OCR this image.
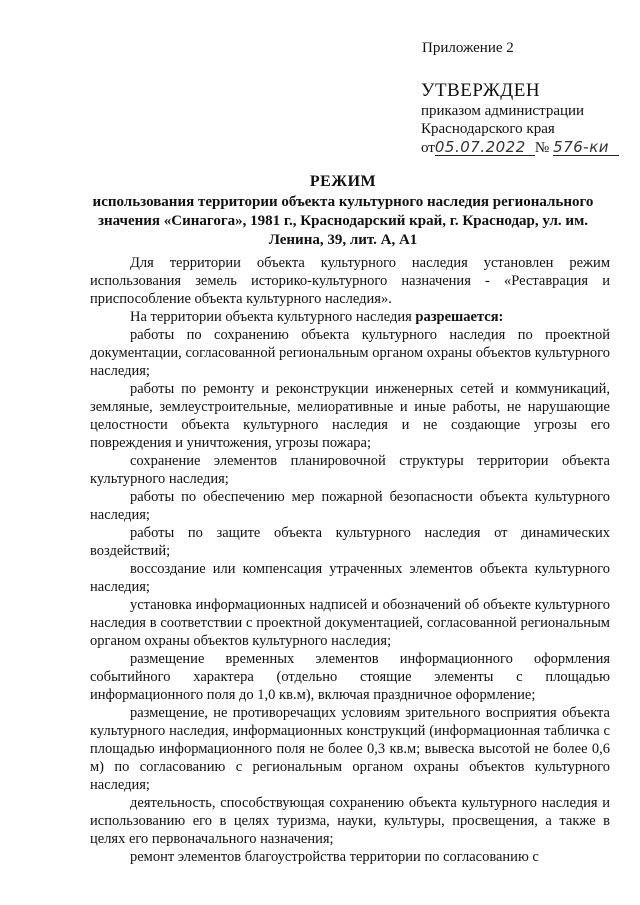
Приложение 2
УТВЕРЖДЕН
приказом администрации
Краснодарского края
от05.07.2022 № 576-ки
РЕЖИМ

использования территории объекта культурного наследия регионального значения «Синагога», 1981 г., Краснодарский край, г. Краснодар, ул. им. Ленина, 39, лит. А, А1

Для территории объекта культурного наследия установлен режим использования земель историко-культурного назначения - «Реставрация и приспособление объекта культурного наследия».

На территории объекта культурного наследия разрешается:

работы по сохранению объекта культурного наследия по проектной документации, согласованной региональным органом охраны объектов культурного наследия;
работы по ремонту и реконструкции инженерных сетей и коммуникаций, земляные, землеустроительные, мелиоративные и иные работы, не нарушающие целостности объекта культурного наследия и не создающие угрозы его повреждения и уничтожения, угрозы пожара;
сохранение элементов планировочной структуры территории объекта культурного наследия;
работы по обеспечению мер пожарной безопасности объекта культурного наследия;
работы по защите объекта культурного наследия от динамических воздействий;
воссоздание или компенсация утраченных элементов объекта культурного наследия;
установка информационных надписей и обозначений об объекте культурного наследия в соответствии с проектной документацией, согласованной региональным органом охраны объектов культурного наследия;
размещение временных элементов информационного оформления событийного характера (отдельно стоящие элементы с площадью информационного поля до 1,0 кв.м), включая праздничное оформление;
размещение, не противоречащих условиям зрительного восприятия объекта культурного наследия, информационных конструкций (информационная табличка с площадью информационного поля не более 0,3 кв.м; вывеска высотой не более 0,6 м) по согласованию с региональным органом охраны объектов культурного наследия;
деятельность, способствующая сохранению объекта культурного наследия и использованию его в целях туризма, науки, культуры, просвещения, а также в целях его первоначального назначения;
ремонт элементов благоустройства территории по согласованию с
